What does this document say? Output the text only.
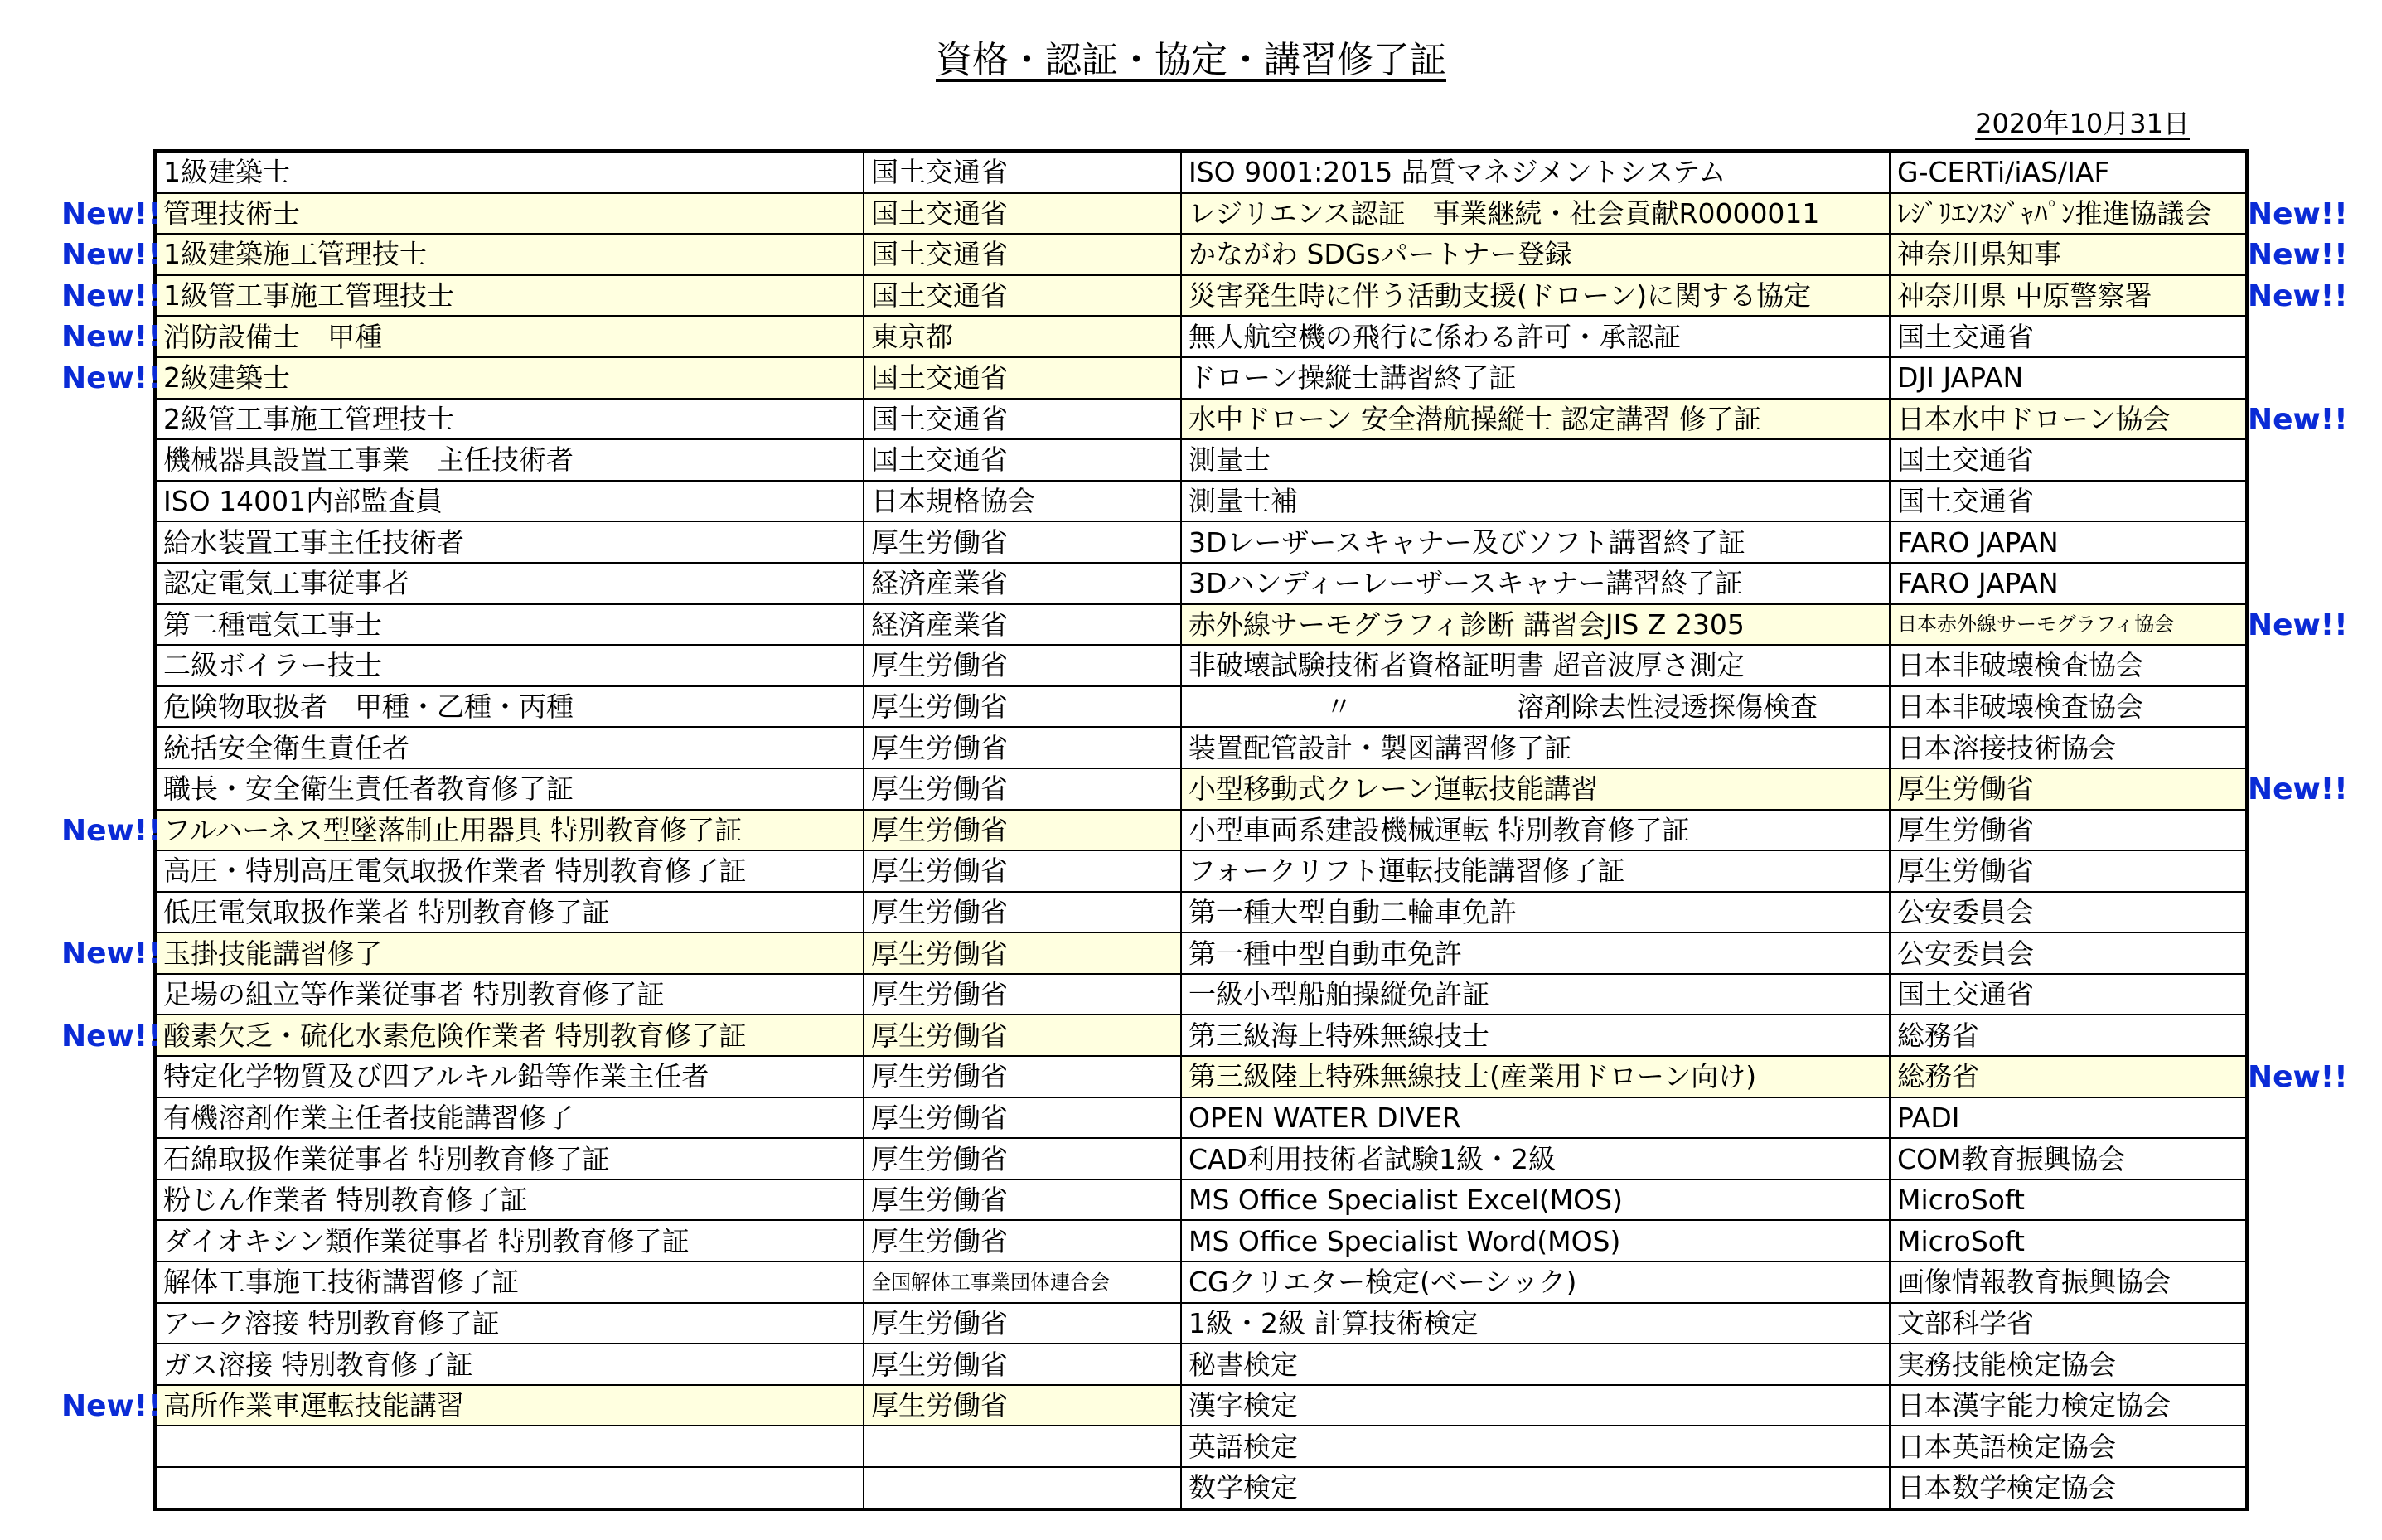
資格・認証・協定・講習修了証
2020年10月31日
1級建築士	国土交通省	ISO 9001:2015 品質マネジメントシステム	G-CERTi/iAS/IAF
管理技術士	国土交通省	レジリエンス認証　事業継続・社会貢献R0000011	ﾚｼﾞﾘｴﾝｽｼﾞｬﾊﾟﾝ推進協議会
1級建築施工管理技士	国土交通省	かながわ SDGsパートナー登録	神奈川県知事
1級管工事施工管理技士	国土交通省	災害発生時に伴う活動支援(ドローン)に関する協定	神奈川県 中原警察署
消防設備士　甲種	東京都	無人航空機の飛行に係わる許可・承認証	国土交通省
2級建築士	国土交通省	ドローン操縦士講習終了証	DJI JAPAN
2級管工事施工管理技士	国土交通省	水中ドローン 安全潜航操縦士 認定講習 修了証	日本水中ドローン協会
機械器具設置工事業　主任技術者	国土交通省	測量士	国土交通省
ISO 14001内部監査員	日本規格協会	測量士補	国土交通省
給水装置工事主任技術者	厚生労働省	3Dレーザースキャナー及びソフト講習終了証	FARO JAPAN
認定電気工事従事者	経済産業省	3Dハンディーレーザースキャナー講習終了証	FARO JAPAN
第二種電気工事士	経済産業省	赤外線サーモグラフィ診断 講習会JIS Z 2305	日本赤外線サーモグラフィ協会
二級ボイラー技士	厚生労働省	非破壊試験技術者資格証明書 超音波厚さ測定	日本非破壊検査協会
危険物取扱者　甲種・乙種・丙種	厚生労働省	　　　　　〃　　　　　　溶剤除去性浸透探傷検査	日本非破壊検査協会
統括安全衛生責任者	厚生労働省	装置配管設計・製図講習修了証	日本溶接技術協会
職長・安全衛生責任者教育修了証	厚生労働省	小型移動式クレーン運転技能講習	厚生労働省
フルハーネス型墜落制止用器具 特別教育修了証	厚生労働省	小型車両系建設機械運転 特別教育修了証	厚生労働省
高圧・特別高圧電気取扱作業者 特別教育修了証	厚生労働省	フォークリフト運転技能講習修了証	厚生労働省
低圧電気取扱作業者 特別教育修了証	厚生労働省	第一種大型自動二輪車免許	公安委員会
玉掛技能講習修了	厚生労働省	第一種中型自動車免許	公安委員会
足場の組立等作業従事者 特別教育修了証	厚生労働省	一級小型船舶操縦免許証	国土交通省
酸素欠乏・硫化水素危険作業者 特別教育修了証	厚生労働省	第三級海上特殊無線技士	総務省
特定化学物質及び四アルキル鉛等作業主任者	厚生労働省	第三級陸上特殊無線技士(産業用ドローン向け)	総務省
有機溶剤作業主任者技能講習修了	厚生労働省	OPEN WATER DIVER	PADI
石綿取扱作業従事者 特別教育修了証	厚生労働省	CAD利用技術者試験1級・2級	COM教育振興協会
粉じん作業者 特別教育修了証	厚生労働省	MS Office Specialist Excel(MOS)	MicroSoft
ダイオキシン類作業従事者 特別教育修了証	厚生労働省	MS Office Specialist Word(MOS)	MicroSoft
解体工事施工技術講習修了証	全国解体工事業団体連合会	CGクリエター検定(ベーシック)	画像情報教育振興協会
アーク溶接 特別教育修了証	厚生労働省	1級・2級 計算技術検定	文部科学省
ガス溶接 特別教育修了証	厚生労働省	秘書検定	実務技能検定協会
高所作業車運転技能講習	厚生労働省	漢字検定	日本漢字能力検定協会
		英語検定	日本英語検定協会
		数学検定	日本数学検定協会
New!!	New!!
New!!	New!!
New!!	New!!
New!!
New!!
New!!
New!!
New!!
New!!
New!!
New!!
New!!
New!!
